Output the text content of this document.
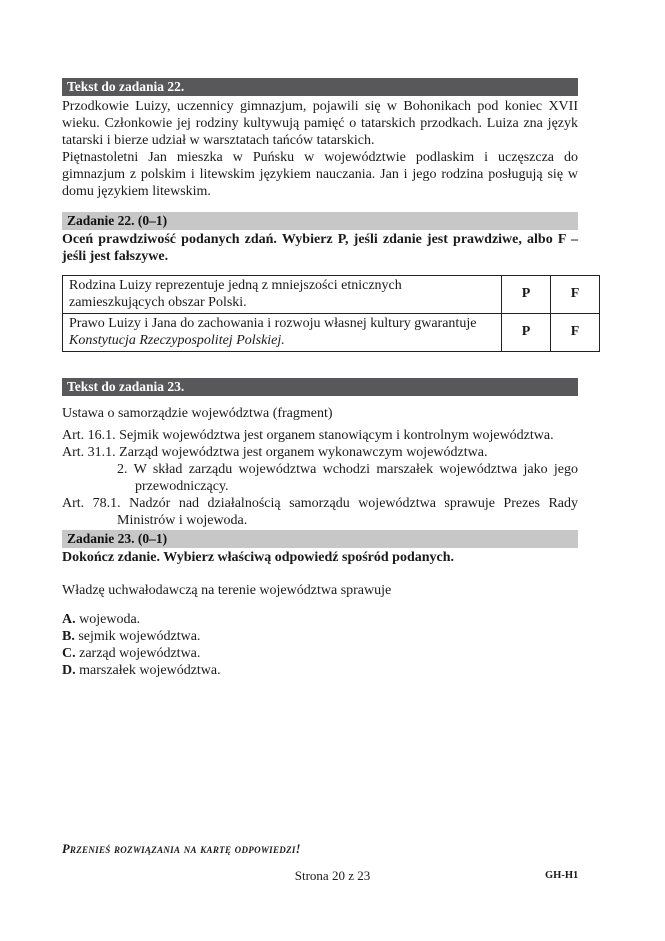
Tekst do zadania 22.

Przodkowie Luizy, uczennicy gimnazjum, pojawili się w Bohonikach pod koniec XVII wieku. Członkowie jej rodziny kultywują pamięć o tatarskich przodkach. Luiza zna język tatarski i bierze udział w warsztatach tańców tatarskich.

Piętnastoletni Jan mieszka w Puńsku w województwie podlaskim i uczęszcza do gimnazjum z polskim i litewskim językiem nauczania. Jan i jego rodzina posługują się w domu językiem litewskim.

Zadanie 22. (0–1)

Oceń prawdziwość podanych zdań. Wybierz P, jeśli zdanie jest prawdziwe, albo F – jeśli jest fałszywe.

Rodzina Luizy reprezentuje jedną z mniejszości etnicznych zamieszkujących obszar Polski.	P	F
Prawo Luizy i Jana do zachowania i rozwoju własnej kultury gwarantuje Konstytucja Rzeczypospolitej Polskiej.	P	F
Tekst do zadania 23.

Ustawa o samorządzie województwa (fragment)

Art. 16.1. Sejmik województwa jest organem stanowiącym i kontrolnym województwa.

Art. 31.1. Zarząd województwa jest organem wykonawczym województwa.

2. W skład zarządu województwa wchodzi marszałek województwa jako jego przewodniczący.

Art. 78.1. Nadzór nad działalnością samorządu województwa sprawuje Prezes Rady Ministrów i wojewoda.

Zadanie 23. (0–1)

Dokończ zdanie. Wybierz właściwą odpowiedź spośród podanych.

Władzę uchwałodawczą na terenie województwa sprawuje

A. wojewoda.

B. sejmik województwa.

C. zarząd województwa.

D. marszałek województwa.

Przenieś rozwiązania na kartę odpowiedzi!
Strona 20 z 23	GH-H1
